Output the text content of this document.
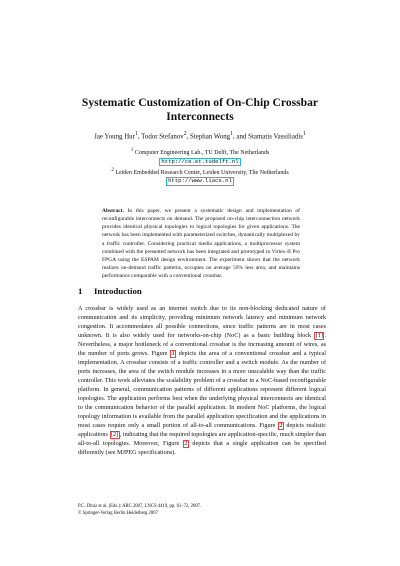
Systematic Customization of On-Chip Crossbar
Interconnects
Jae Young Hur$^1$, Todor Stefanov$^2$, Stephan Wong$^1$, and Stamatis Vassiliadis$^1$
$^1$ Computer Engineering Lab., TU Delft, The Netherlands
http://ce.et.tudelft.nl
$^2$ Leiden Embedded Research Center, Leiden University, The Netherlands
http://www.liacs.nl
Abstract. In this paper, we present a systematic design and implementation of reconfigurable interconnects on demand. The proposed on-chip interconnection network provides identical physical topologies to logical topologies for given applications. The network has been implemented with parameterized switches, dynamically multiplexed by a traffic controller. Considering practical media applications, a multiprocessor system combined with the presented network has been integrated and prototyped in Virtex-II Pro FPGA using the ESPAM design environment. The experiment shows that the network realizes on-demand traffic patterns, occupies on average 59% less area, and maintains performance comparable with a conventional crossbar.
1 Introduction
A crossbar is widely used as an internet switch due to its non-blocking dedicated nature of communication and its simplicity, providing minimum network latency and minimum network congestion. It accommodates all possible connections, since traffic patterns are in most cases unknown. It is also widely used for networks-on-chip (NoC) as a basic building block [1] . Nevertheless, a major bottleneck of a conventional crossbar is the increasing amount of wires, as the number of ports grows. Figure 1 depicts the area of a conventional crossbar and a typical implementation. A crossbar consists of a traffic controller and a switch module. As the number of ports increases, the area of the switch module increases in a more unscalable way than the traffic controller. This work alleviates the scalability problem of a crossbar in a NoC-based reconfigurable platform. In general, communication patterns of different applications represent different logical topologies. The application performs best when the underlying physical interconnects are identical to the communication behavior of the parallel application. In modern NoC platforms, the logical topology information is available from the parallel application specification and the applications in most cases require only a small portion of all-to-all communications. Figure 2 depicts realistic applications [2] , indicating that the required topologies are application-specific, much simpler than all-to-all topologies. Moreover, Figure 2 depicts that a single application can be specified differently (see MJPEG specifications).
P.C. Diniz et al. (Eds.): ARC 2007, LNCS 4419, pp. 61–72, 2007.
© Springer-Verlag Berlin Heidelberg 2007
